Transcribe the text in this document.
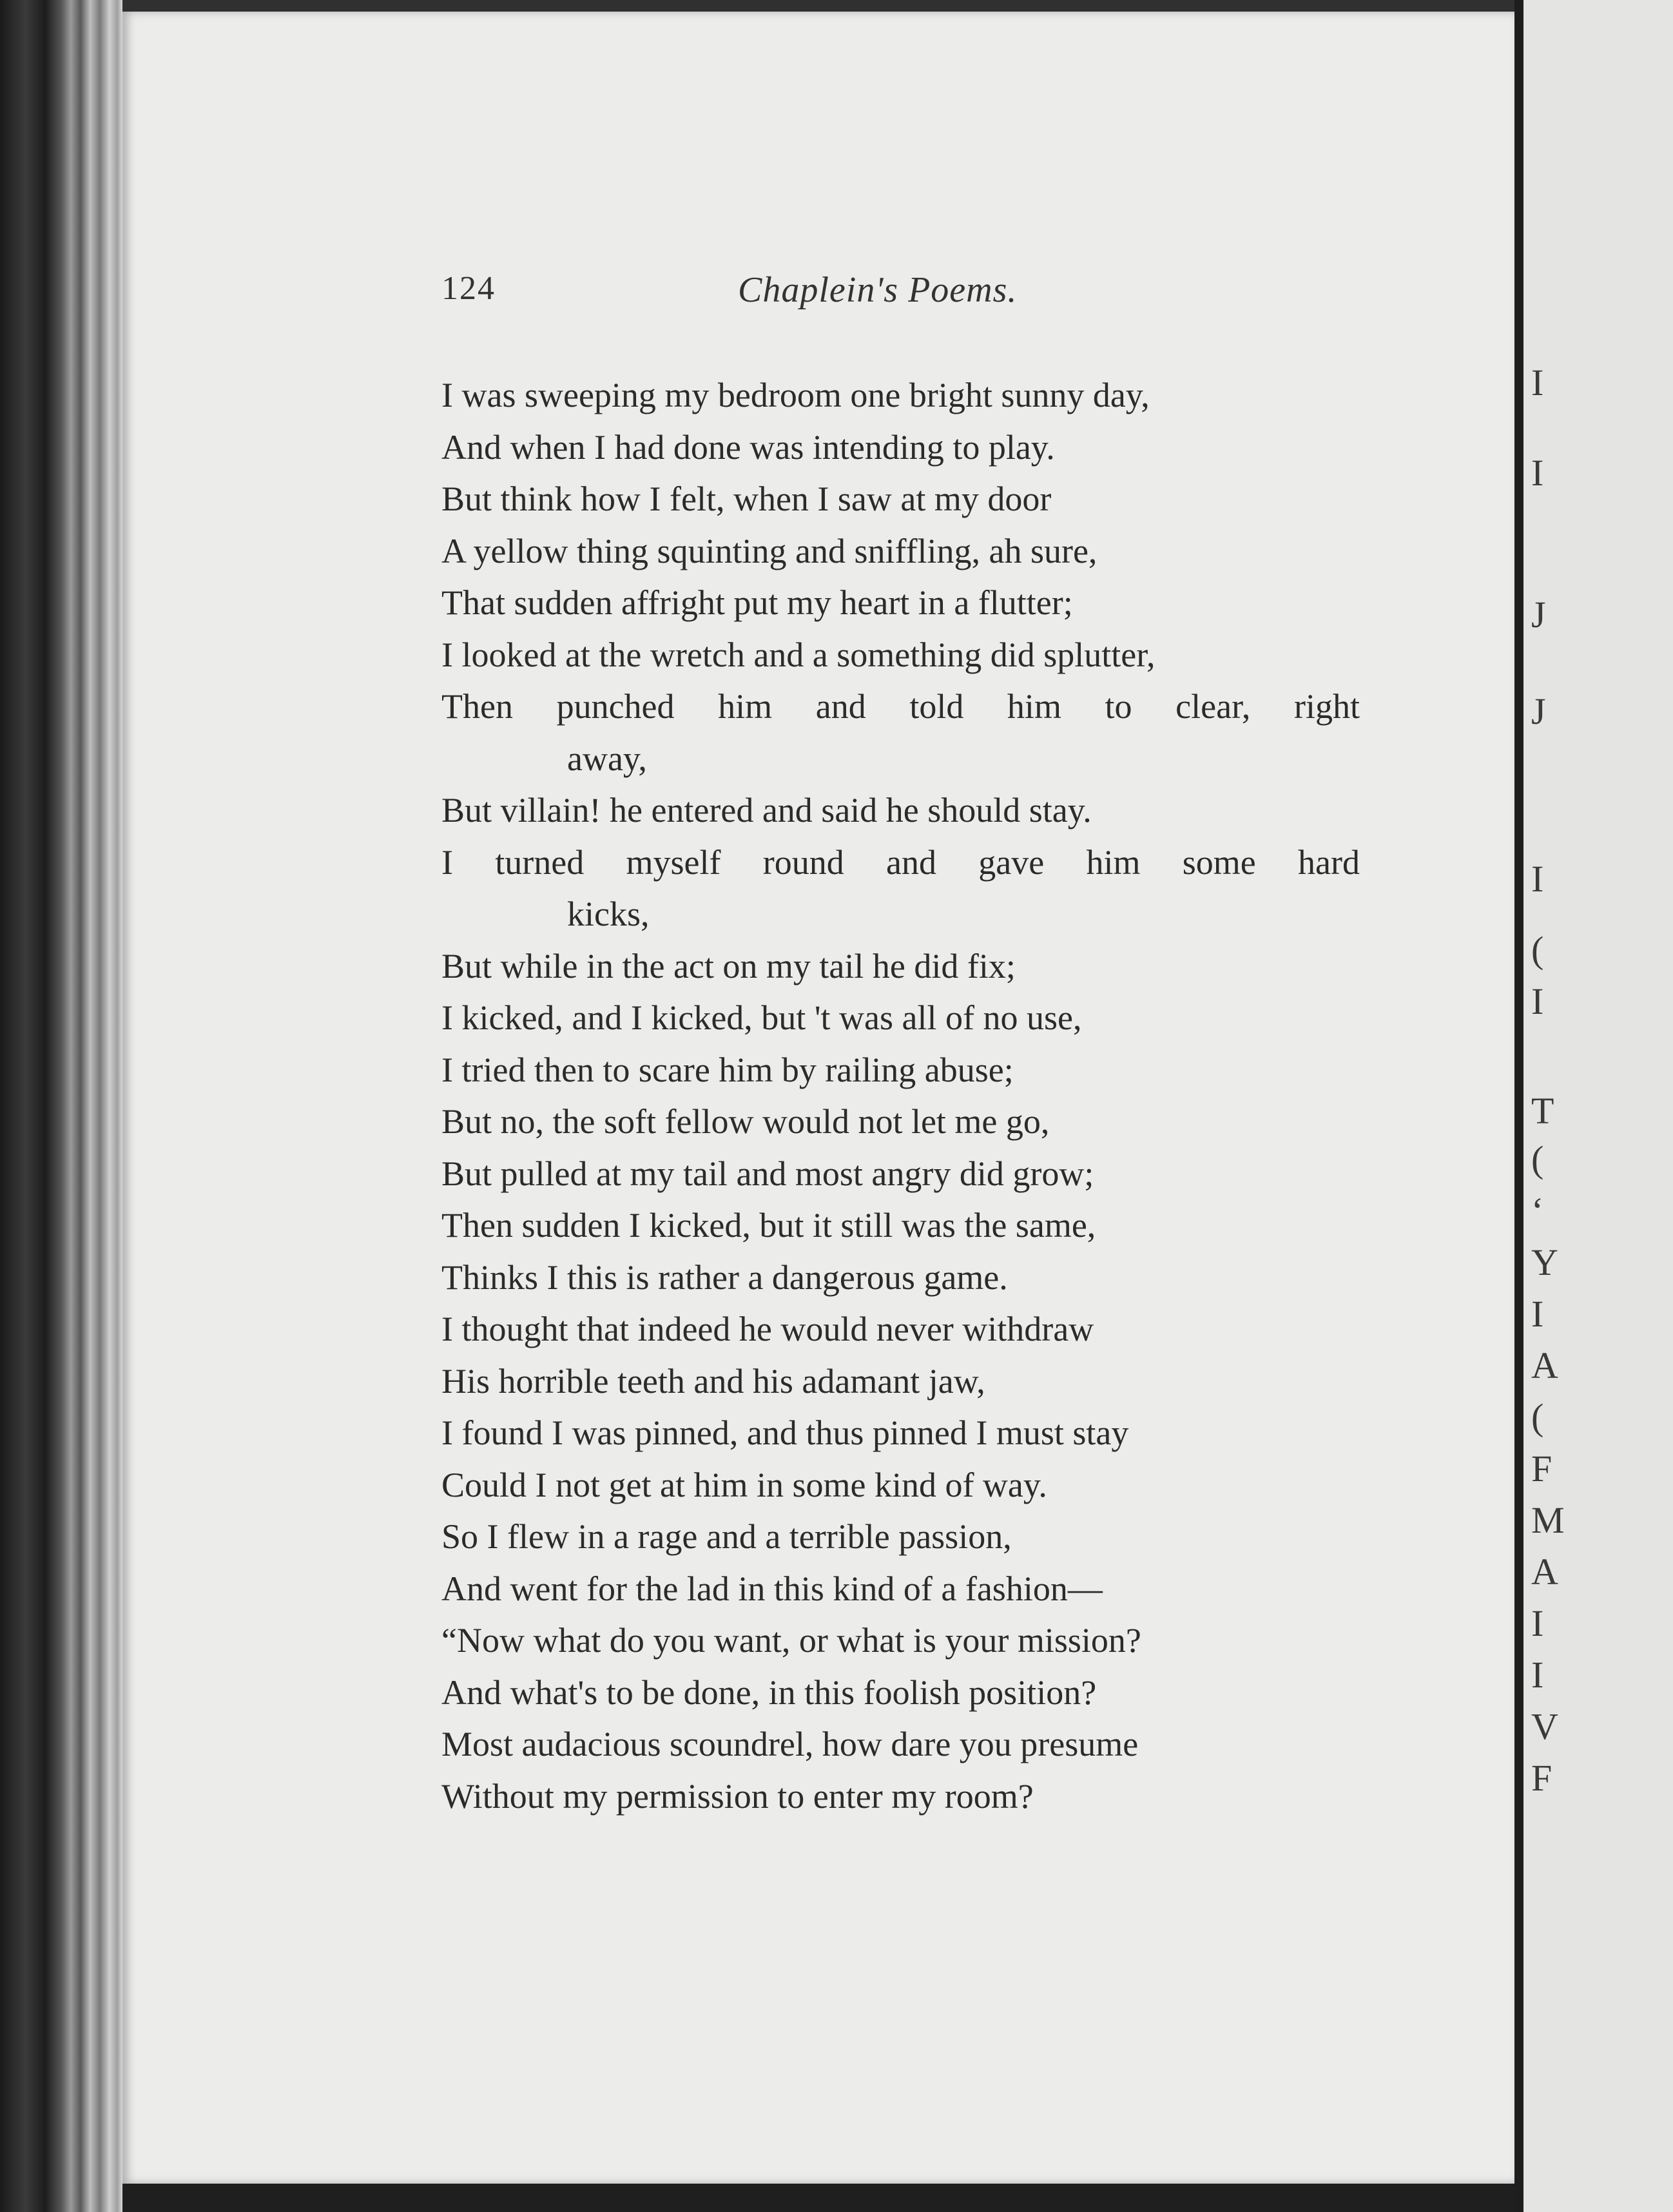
124	Chaplein's Poems.
I was sweeping my bedroom one bright sunny day,
And when I had done was intending to play.
But think how I felt, when I saw at my door
A yellow thing squinting and sniffling, ah sure,
That sudden affright put my heart in a flutter;
I looked at the wretch and a something did splutter,
Then punched him and told him to clear, right
away,
But villain! he entered and said he should stay.
I turned myself round and gave him some hard
kicks,
But while in the act on my tail he did fix;
I kicked, and I kicked, but 't was all of no use,
I tried then to scare him by railing abuse;
But no, the soft fellow would not let me go,
But pulled at my tail and most angry did grow;
Then sudden I kicked, but it still was the same,
Thinks I this is rather a dangerous game.
I thought that indeed he would never withdraw
His horrible teeth and his adamant jaw,
I found I was pinned, and thus pinned I must stay
Could I not get at him in some kind of way.
So I flew in a rage and a terrible passion,
And went for the lad in this kind of a fashion—
“Now what do you want, or what is your mission?
And what's to be done, in this foolish position?
Most audacious scoundrel, how dare you presume
Without my permission to enter my room?
I
I
J
J
I
(
I
T
(
‘
Y
I
A
(
F
M
A
I
I
V
F
